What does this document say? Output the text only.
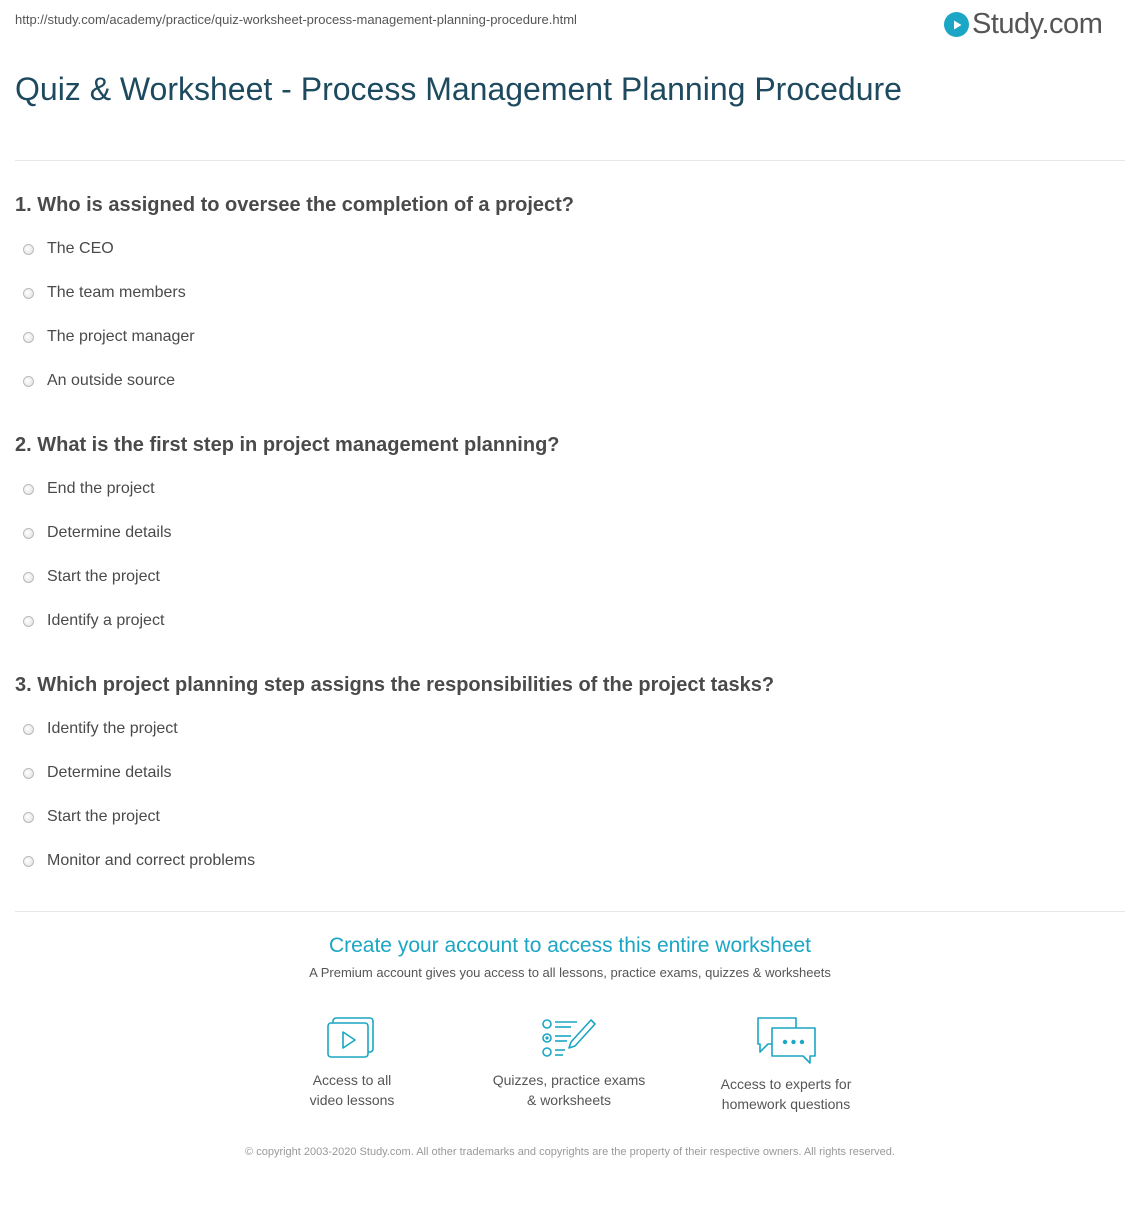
http://study.com/academy/practice/quiz-worksheet-process-management-planning-procedure.html	Study.com
Quiz & Worksheet - Process Management Planning Procedure
1. Who is assigned to oversee the completion of a project?
The CEO
The team members
The project manager
An outside source
2. What is the first step in project management planning?
End the project
Determine details
Start the project
Identify a project
3. Which project planning step assigns the responsibilities of the project tasks?
Identify the project
Determine details
Start the project
Monitor and correct problems
Create your account to access this entire worksheet
A Premium account gives you access to all lessons, practice exams, quizzes & worksheets
Access to all
video lessons
Quizzes, practice exams
& worksheets
Access to experts for
homework questions
© copyright 2003-2020 Study.com. All other trademarks and copyrights are the property of their respective owners. All rights reserved.
